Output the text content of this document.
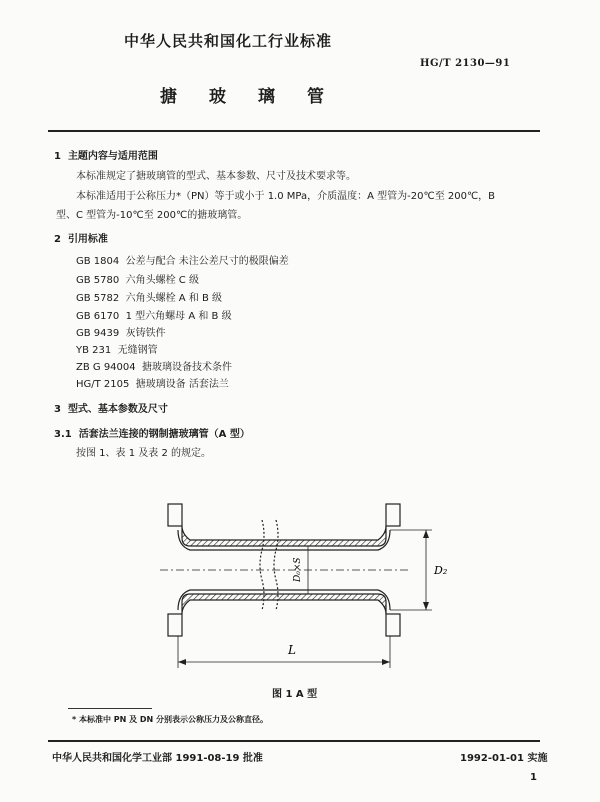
中华人民共和国化工行业标准
HG/T 2130—91
搪玻璃管
1 主题内容与适用范围
本标准规定了搪玻璃管的型式、基本参数、尺寸及技术要求等。
本标准适用于公称压力*（PN）等于或小于 1.0 MPa，介质温度：A 型管为-20℃至 200℃，B
型、C 型管为-10℃至 200℃的搪玻璃管。
2 引用标准
GB 1804 公差与配合 未注公差尺寸的极限偏差
GB 5780 六角头螺栓 C 级
GB 5782 六角头螺栓 A 和 B 级
GB 6170 1 型六角螺母 A 和 B 级
GB 9439 灰铸铁件
YB 231 无缝钢管
ZB G 94004 搪玻璃设备技术条件
HG/T 2105 搪玻璃设备 活套法兰
3 型式、基本参数及尺寸
3.1 活套法兰连接的钢制搪玻璃管（A 型）
按图 1、表 1 及表 2 的规定。
L
D₂
D₀×S
图 1 A 型
* 本标准中 PN 及 DN 分别表示公称压力及公称直径。
中华人民共和国化学工业部 1991-08-19 批准	1992-01-01 实施
1
